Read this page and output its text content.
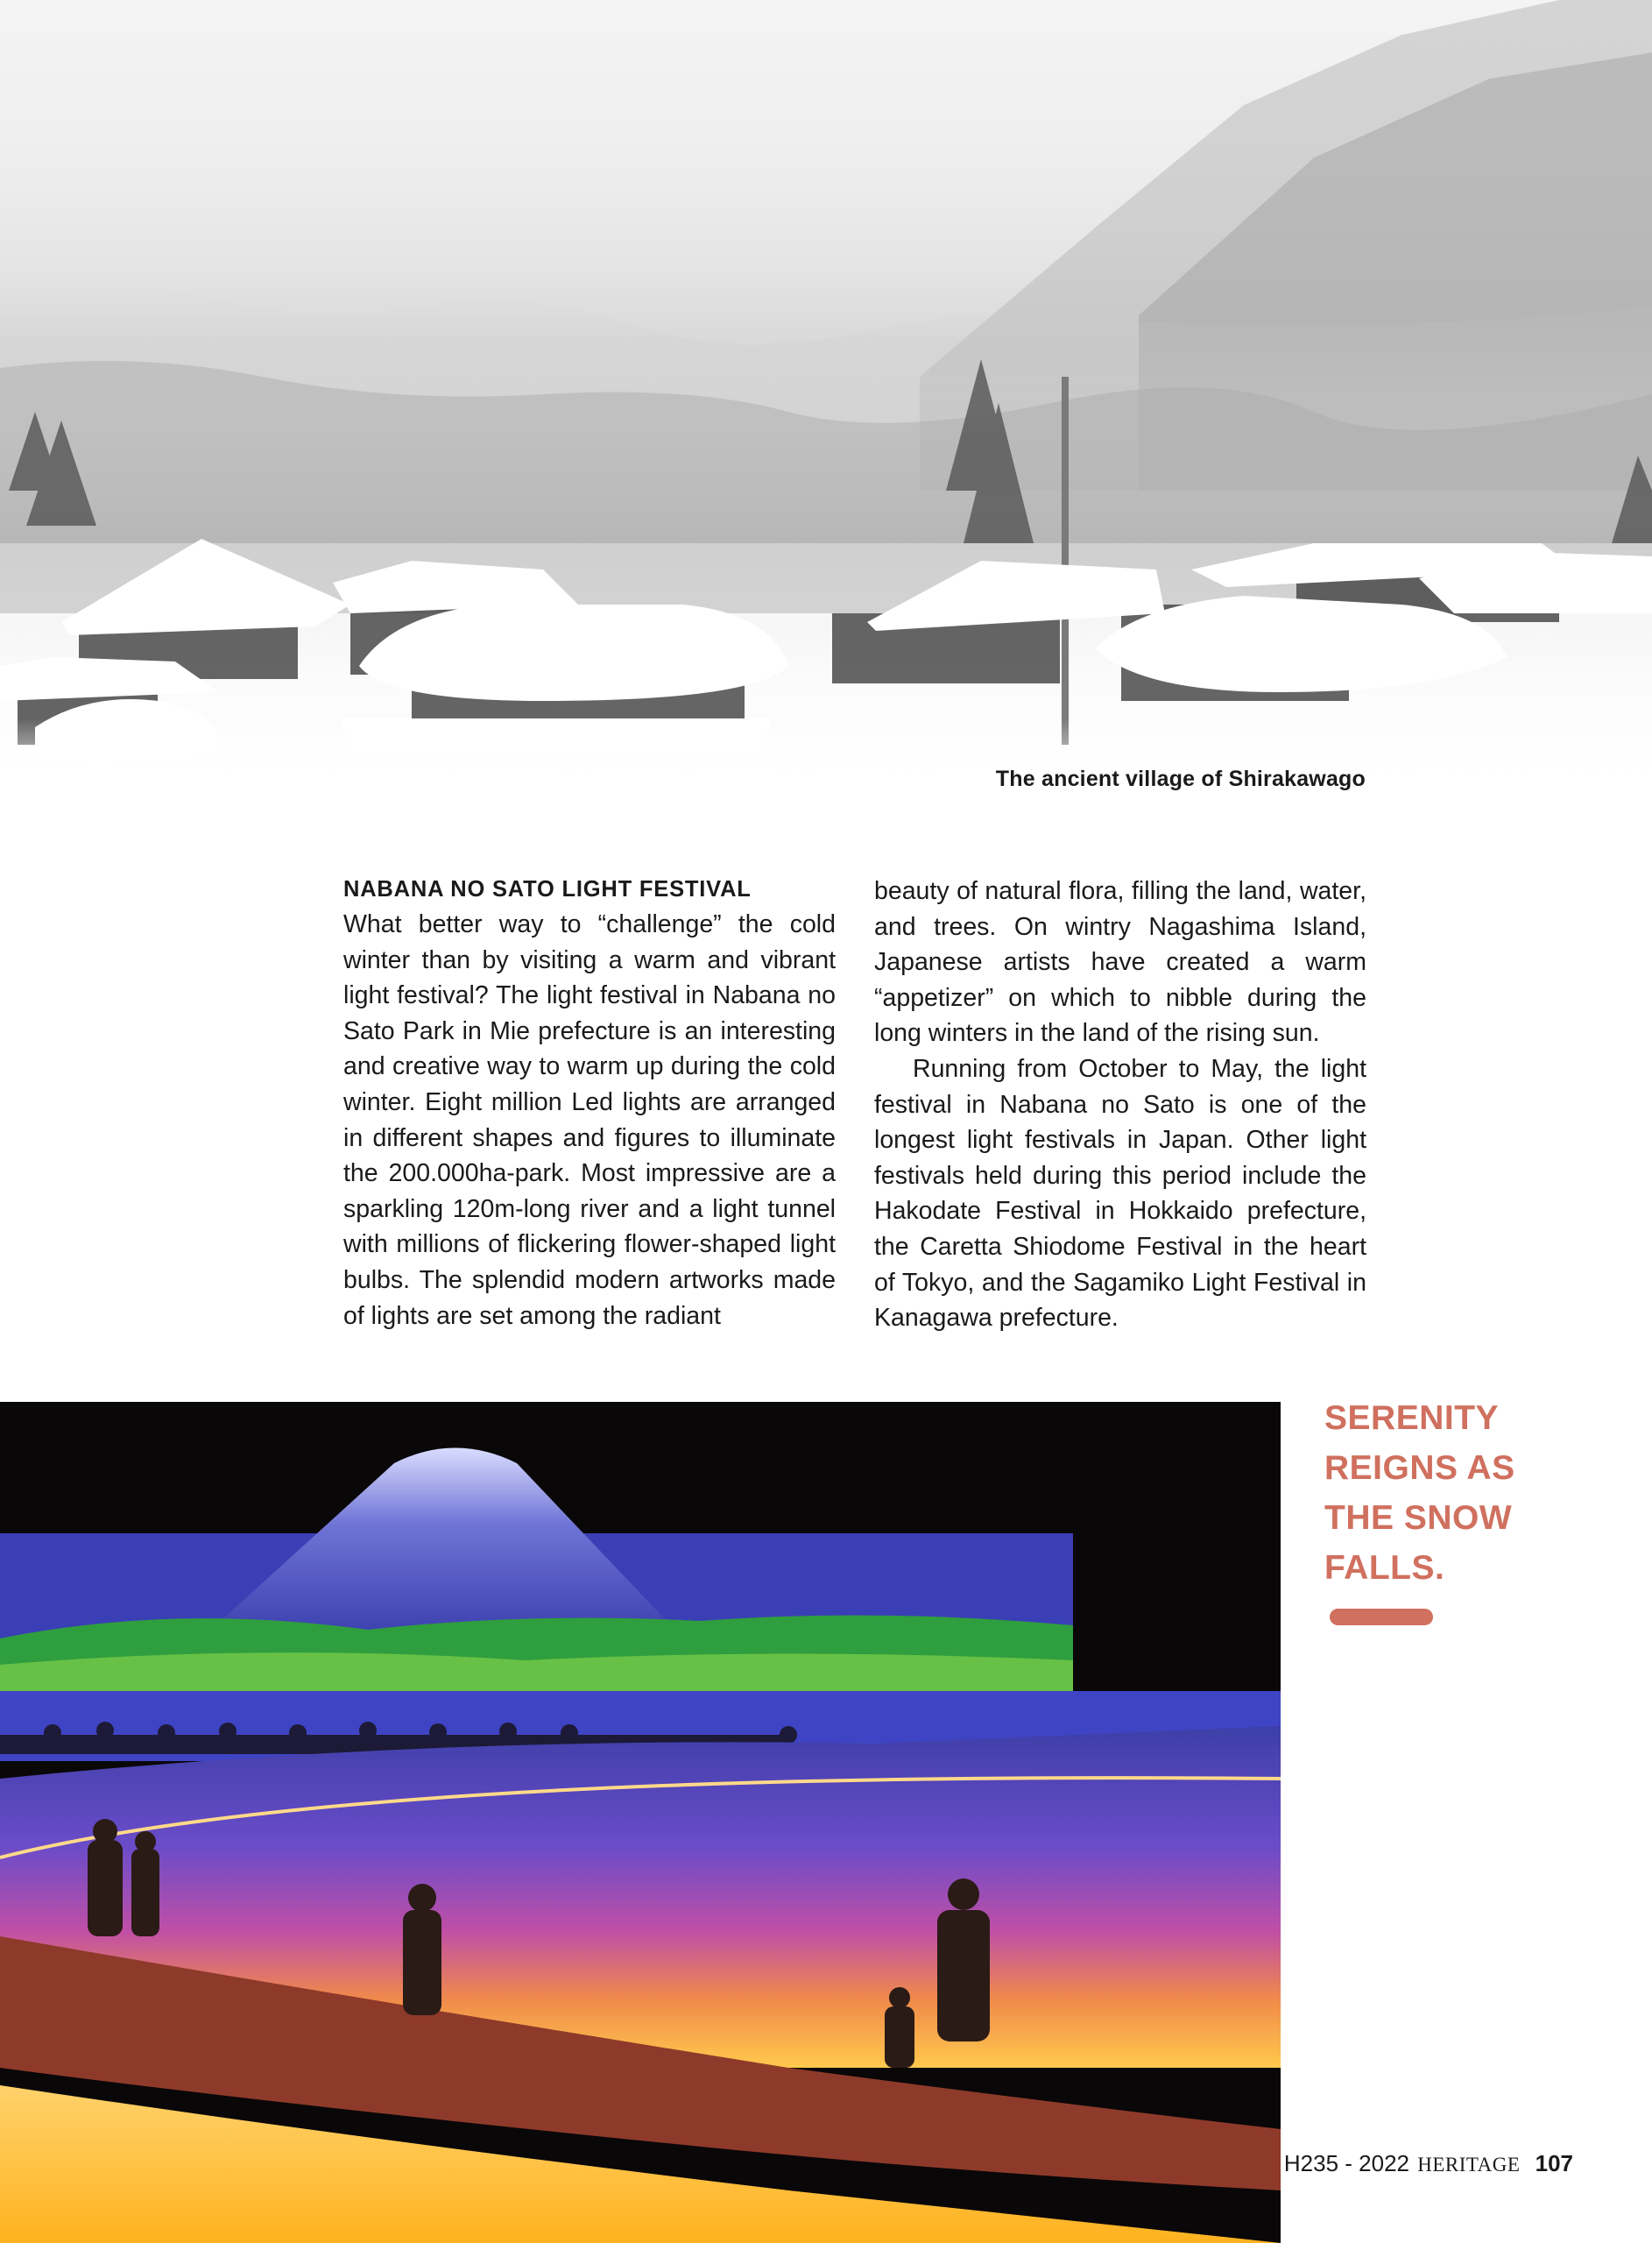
The ancient village of Shirakawago
NABANA NO SATO LIGHT FESTIVAL

What better way to “challenge” the cold winter than by visiting a warm and vibrant light festival? The light festival in Nabana no Sato Park in Mie prefecture is an interesting and creative way to warm up during the cold winter. Eight million Led lights are arranged in different shapes and figures to illuminate the 200.000ha-park. Most impressive are a sparkling 120m-long river and a light tunnel with millions of flickering flower-shaped light bulbs. The splendid modern artworks made of lights are set among the radiant

beauty of natural flora, filling the land, water, and trees. On wintry Nagashima Island, Japanese artists have created a warm “appetizer” on which to nibble during the long winters in the land of the rising sun.

Running from October to May, the light festival in Nabana no Sato is one of the longest light festivals in Japan. Other light festivals held during this period include the Hakodate Festival in Hokkaido prefecture, the Caretta Shiodome Festival in the heart of Tokyo, and the Sagamiko Light Festival in Kanagawa prefecture.

SERENITY
REIGNS AS
THE SNOW
FALLS.
H235 - 2022 HERITAGE 107
